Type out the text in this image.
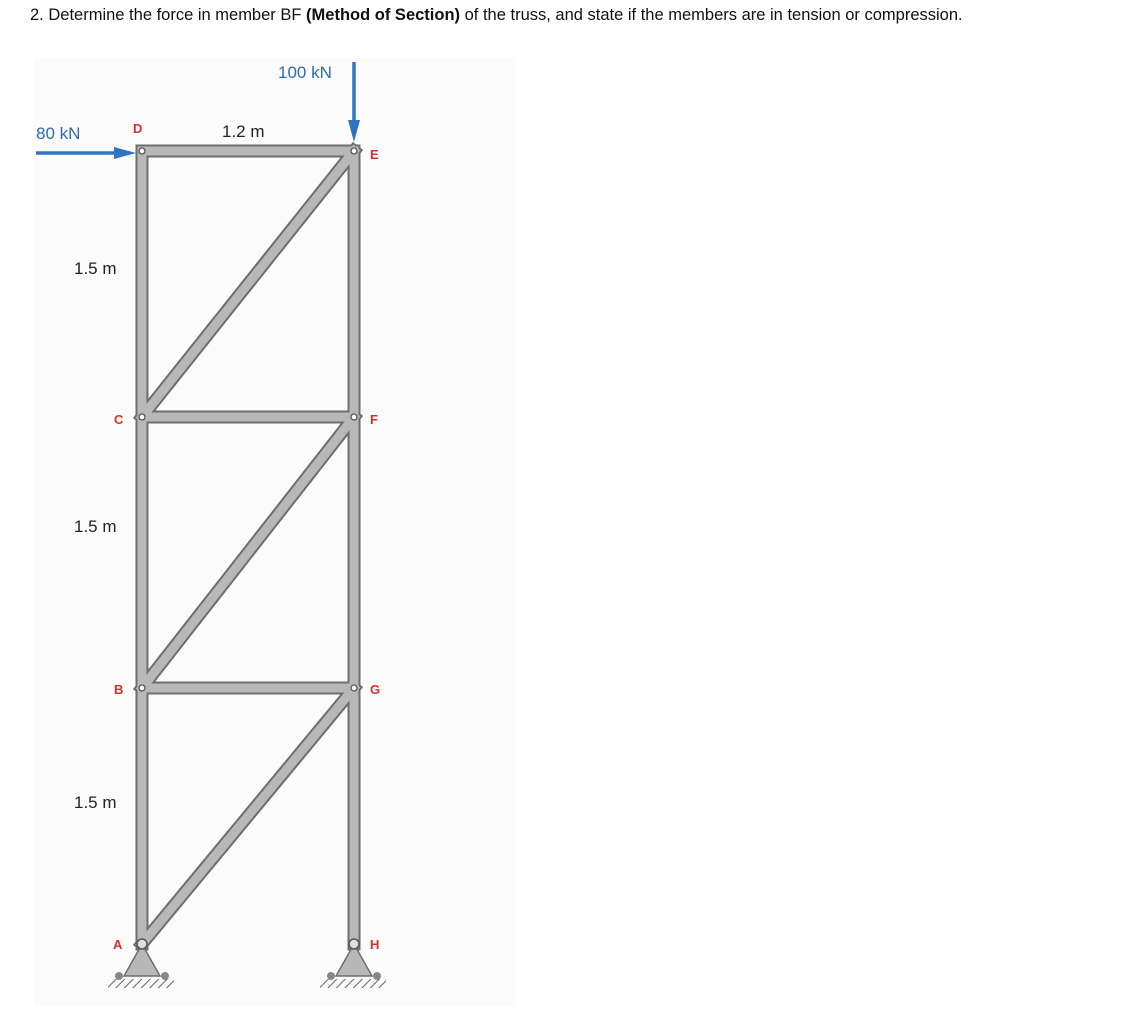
2. Determine the force in member BF (Method of Section) of the truss, and state if the members are in tension or compression.
80 kN
100 kN
1.2 m
1.5 m
1.5 m
1.5 m
D
E
C	F
B	G
A	H
